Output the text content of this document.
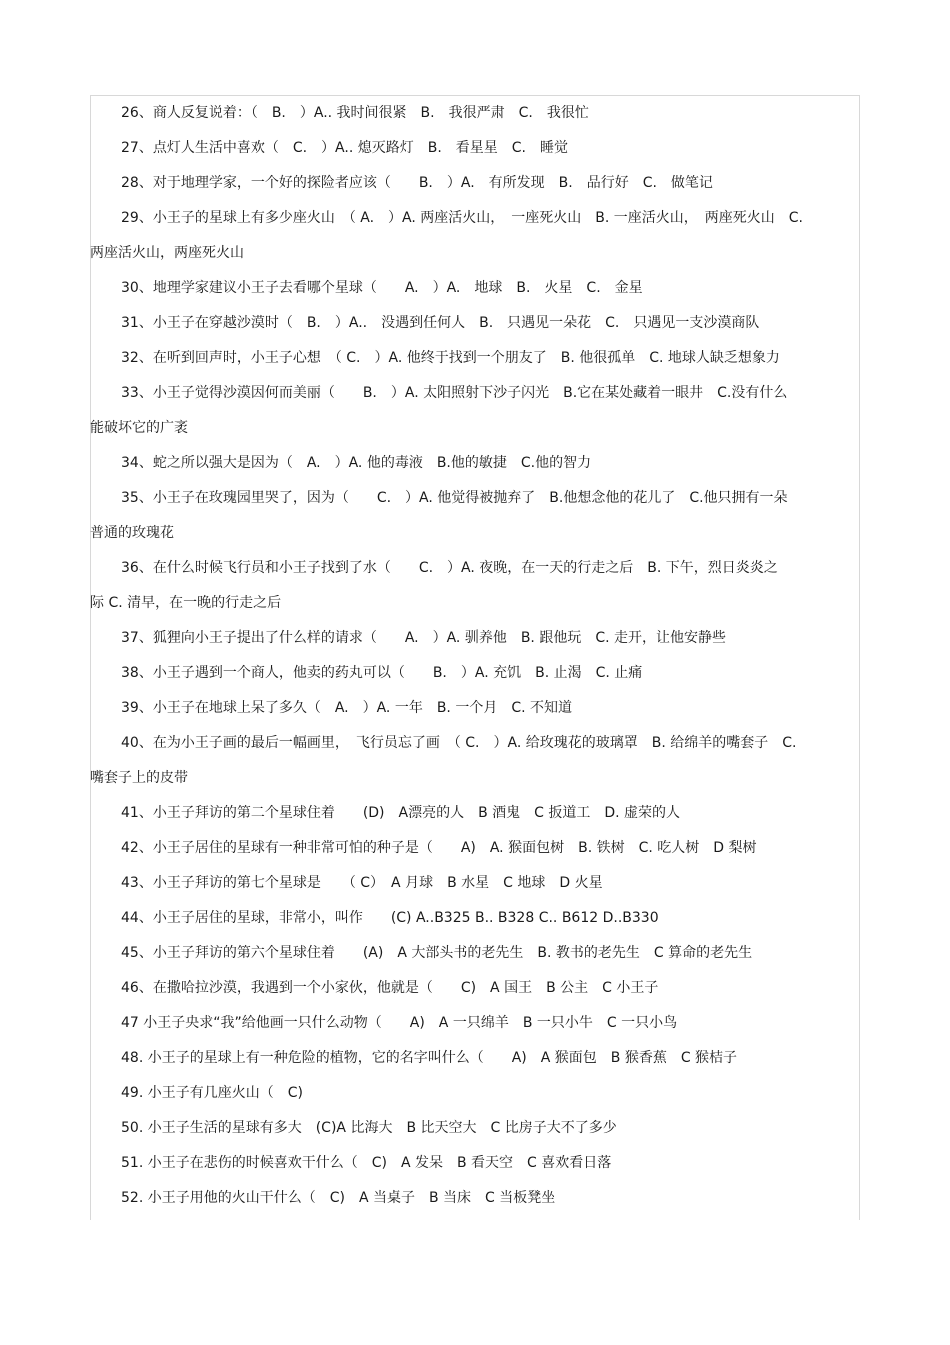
26、商人反复说着：（　B.　）A.. 我时间很紧　B.　我很严肃　C.　我很忙
27、点灯人生活中喜欢（　C.　）A.. 熄灭路灯　B.　看星星　C.　睡觉
28、对于地理学家，一个好的探险者应该（　　B.　）A.　有所发现　B.　品行好　C.　做笔记
29、小王子的星球上有多少座火山　（ A.　）A. 两座活火山，　一座死火山　B. 一座活火山，　两座死火山　C.
两座活火山，两座死火山
30、地理学家建议小王子去看哪个星球（　　A.　）A.　地球　B.　火星　C.　金星
31、小王子在穿越沙漠时（　B.　）A..　没遇到任何人　B.　只遇见一朵花　C.　只遇见一支沙漠商队
32、在听到回声时，小王子心想　（ C.　）A. 他终于找到一个朋友了　B. 他很孤单　C. 地球人缺乏想象力
33、小王子觉得沙漠因何而美丽（　　B.　）A. 太阳照射下沙子闪光　B.它在某处藏着一眼井　C.没有什么
能破坏它的广袤
34、蛇之所以强大是因为（　A.　）A. 他的毒液　B.他的敏捷　C.他的智力
35、小王子在玫瑰园里哭了，因为（　　C.　）A. 他觉得被抛弃了　B.他想念他的花儿了　C.他只拥有一朵
普通的玫瑰花
36、在什么时候飞行员和小王子找到了水（　　C.　）A. 夜晚，在一天的行走之后　B. 下午，烈日炎炎之
际 C. 清早，在一晚的行走之后
37、狐狸向小王子提出了什么样的请求（　　A.　）A. 驯养他　B. 跟他玩　C. 走开，让他安静些
38、小王子遇到一个商人，他卖的药丸可以（　　B.　）A. 充饥　B. 止渴　C. 止痛
39、小王子在地球上呆了多久（　A.　）A. 一年　B. 一个月　C. 不知道
40、在为小王子画的最后一幅画里，　飞行员忘了画　（ C.　）A. 给玫瑰花的玻璃罩　B. 给绵羊的嘴套子　C.
嘴套子上的皮带
41、小王子拜访的第二个星球住着　　(D)　A漂亮的人　B 酒鬼　C 扳道工　D. 虚荣的人
42、小王子居住的星球有一种非常可怕的种子是（　　A)　A. 猴面包树　B. 铁树　C. 吃人树　D 梨树
43、小王子拜访的第七个星球是　　（ C）　A 月球　B 水星　C 地球　D 火星
44、小王子居住的星球，非常小，叫作　　(C) A..B325 B.. B328 C.. B612 D..B330
45、小王子拜访的第六个星球住着　　(A)　A 大部头书的老先生　B. 教书的老先生　C 算命的老先生
46、在撒哈拉沙漠，我遇到一个小家伙，他就是（　　C)　A 国王　B 公主　C 小王子
47 小王子央求“我”给他画一只什么动物（　　A)　A 一只绵羊　B 一只小牛　C 一只小鸟
48. 小王子的星球上有一种危险的植物，它的名字叫什么（　　A)　A 猴面包　B 猴香蕉　C 猴桔子
49. 小王子有几座火山（　C)
50. 小王子生活的星球有多大　(C)A 比海大　B 比天空大　C 比房子大不了多少
51. 小王子在悲伤的时候喜欢干什么（　C)　A 发呆　B 看天空　C 喜欢看日落
52. 小王子用他的火山干什么（　C)　A 当桌子　B 当床　C 当板凳坐
